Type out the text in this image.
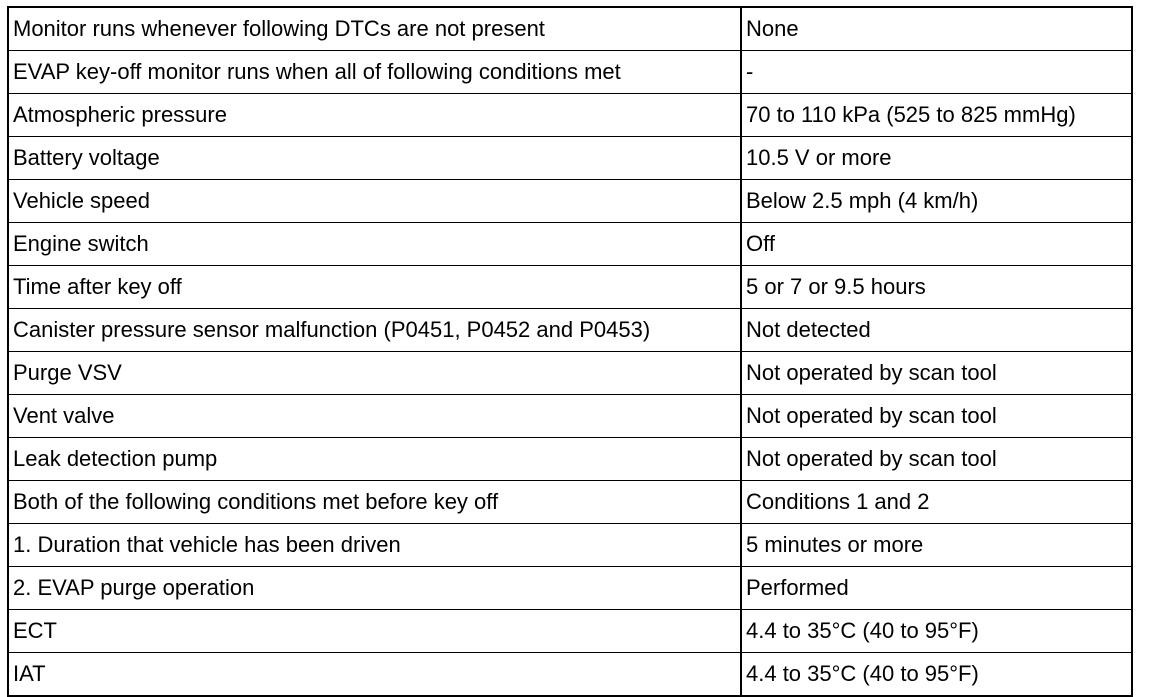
Monitor runs whenever following DTCs are not present	None
EVAP key-off monitor runs when all of following conditions met	-
Atmospheric pressure	70 to 110 kPa (525 to 825 mmHg)
Battery voltage	10.5 V or more
Vehicle speed	Below 2.5 mph (4 km/h)
Engine switch	Off
Time after key off	5 or 7 or 9.5 hours
Canister pressure sensor malfunction (P0451, P0452 and P0453)	Not detected
Purge VSV	Not operated by scan tool
Vent valve	Not operated by scan tool
Leak detection pump	Not operated by scan tool
Both of the following conditions met before key off	Conditions 1 and 2
1. Duration that vehicle has been driven	5 minutes or more
2. EVAP purge operation	Performed
ECT	4.4 to 35°C (40 to 95°F)
IAT	4.4 to 35°C (40 to 95°F)
